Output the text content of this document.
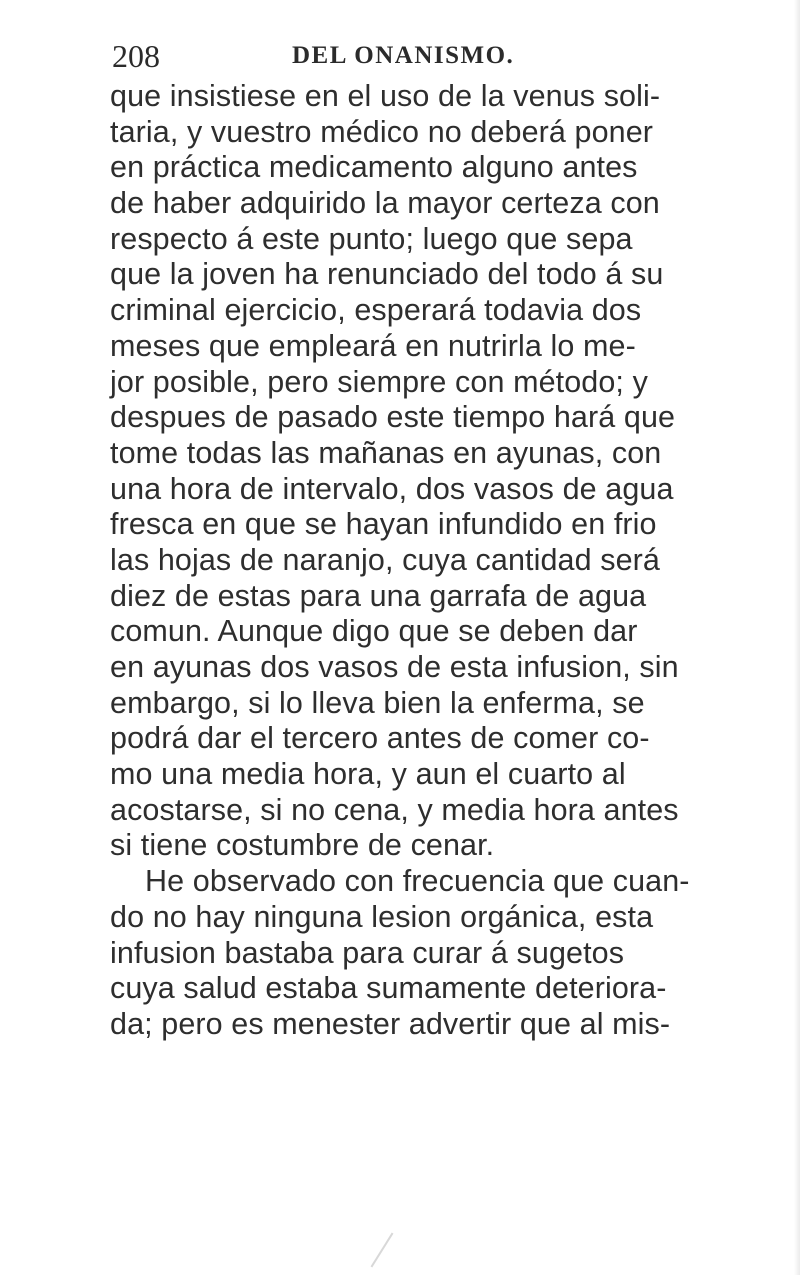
208	DEL ONANISMO.
que insistiese en el uso de la venus soli-
taria, y vuestro médico no deberá poner
en práctica medicamento alguno antes
de haber adquirido la mayor certeza con
respecto á este punto; luego que sepa
que la joven ha renunciado del todo á su
criminal ejercicio, esperará todavia dos
meses que empleará en nutrirla lo me-
jor posible, pero siempre con método; y
despues de pasado este tiempo hará que
tome todas las mañanas en ayunas, con
una hora de intervalo, dos vasos de agua
fresca en que se hayan infundido en frio
las hojas de naranjo, cuya cantidad será
diez de estas para una garrafa de agua
comun. Aunque digo que se deben dar
en ayunas dos vasos de esta infusion, sin
embargo, si lo lleva bien la enferma, se
podrá dar el tercero antes de comer co-
mo una media hora, y aun el cuarto al
acostarse, si no cena, y media hora antes
si tiene costumbre de cenar.
He observado con frecuencia que cuan-
do no hay ninguna lesion orgánica, esta
infusion bastaba para curar á sugetos
cuya salud estaba sumamente deteriora-
da; pero es menester advertir que al mis-
